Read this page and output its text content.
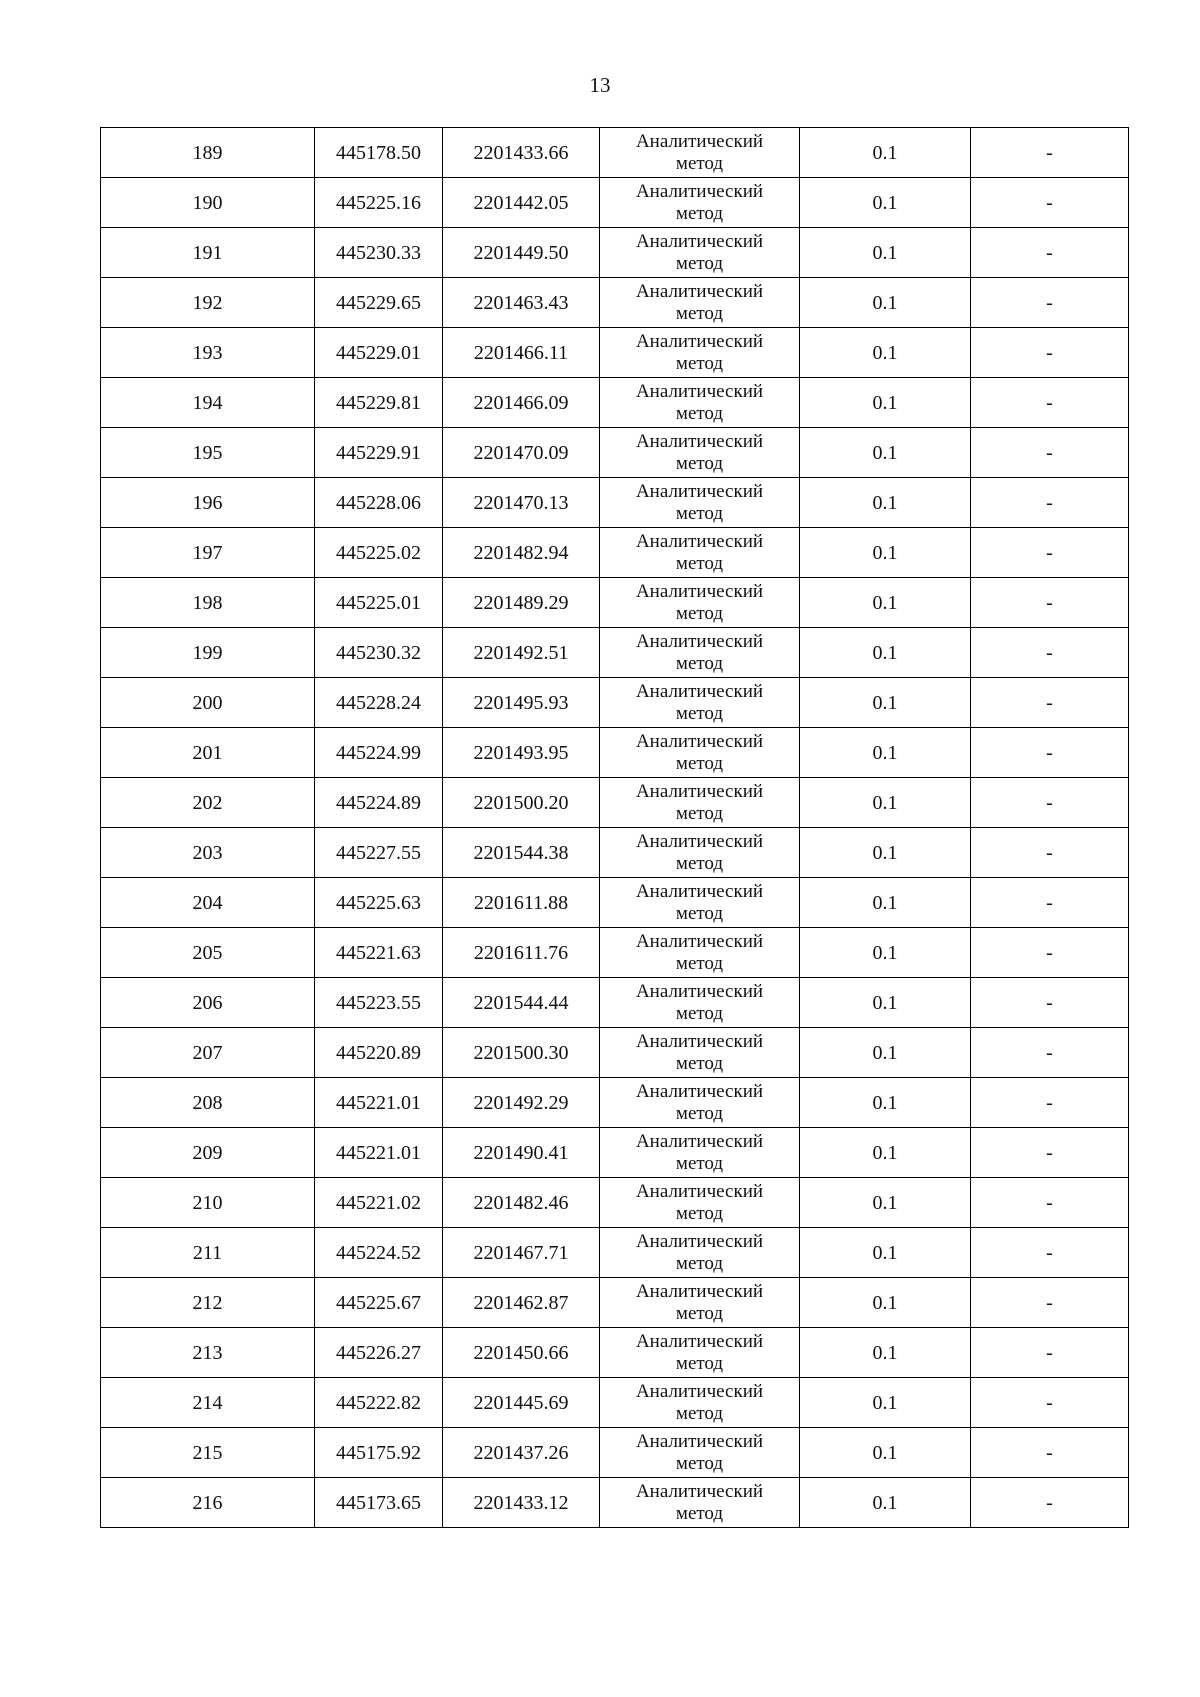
13
189	445178.50	2201433.66	Аналитический
метод	0.1	-
190	445225.16	2201442.05	Аналитический
метод	0.1	-
191	445230.33	2201449.50	Аналитический
метод	0.1	-
192	445229.65	2201463.43	Аналитический
метод	0.1	-
193	445229.01	2201466.11	Аналитический
метод	0.1	-
194	445229.81	2201466.09	Аналитический
метод	0.1	-
195	445229.91	2201470.09	Аналитический
метод	0.1	-
196	445228.06	2201470.13	Аналитический
метод	0.1	-
197	445225.02	2201482.94	Аналитический
метод	0.1	-
198	445225.01	2201489.29	Аналитический
метод	0.1	-
199	445230.32	2201492.51	Аналитический
метод	0.1	-
200	445228.24	2201495.93	Аналитический
метод	0.1	-
201	445224.99	2201493.95	Аналитический
метод	0.1	-
202	445224.89	2201500.20	Аналитический
метод	0.1	-
203	445227.55	2201544.38	Аналитический
метод	0.1	-
204	445225.63	2201611.88	Аналитический
метод	0.1	-
205	445221.63	2201611.76	Аналитический
метод	0.1	-
206	445223.55	2201544.44	Аналитический
метод	0.1	-
207	445220.89	2201500.30	Аналитический
метод	0.1	-
208	445221.01	2201492.29	Аналитический
метод	0.1	-
209	445221.01	2201490.41	Аналитический
метод	0.1	-
210	445221.02	2201482.46	Аналитический
метод	0.1	-
211	445224.52	2201467.71	Аналитический
метод	0.1	-
212	445225.67	2201462.87	Аналитический
метод	0.1	-
213	445226.27	2201450.66	Аналитический
метод	0.1	-
214	445222.82	2201445.69	Аналитический
метод	0.1	-
215	445175.92	2201437.26	Аналитический
метод	0.1	-
216	445173.65	2201433.12	Аналитический
метод	0.1	-
